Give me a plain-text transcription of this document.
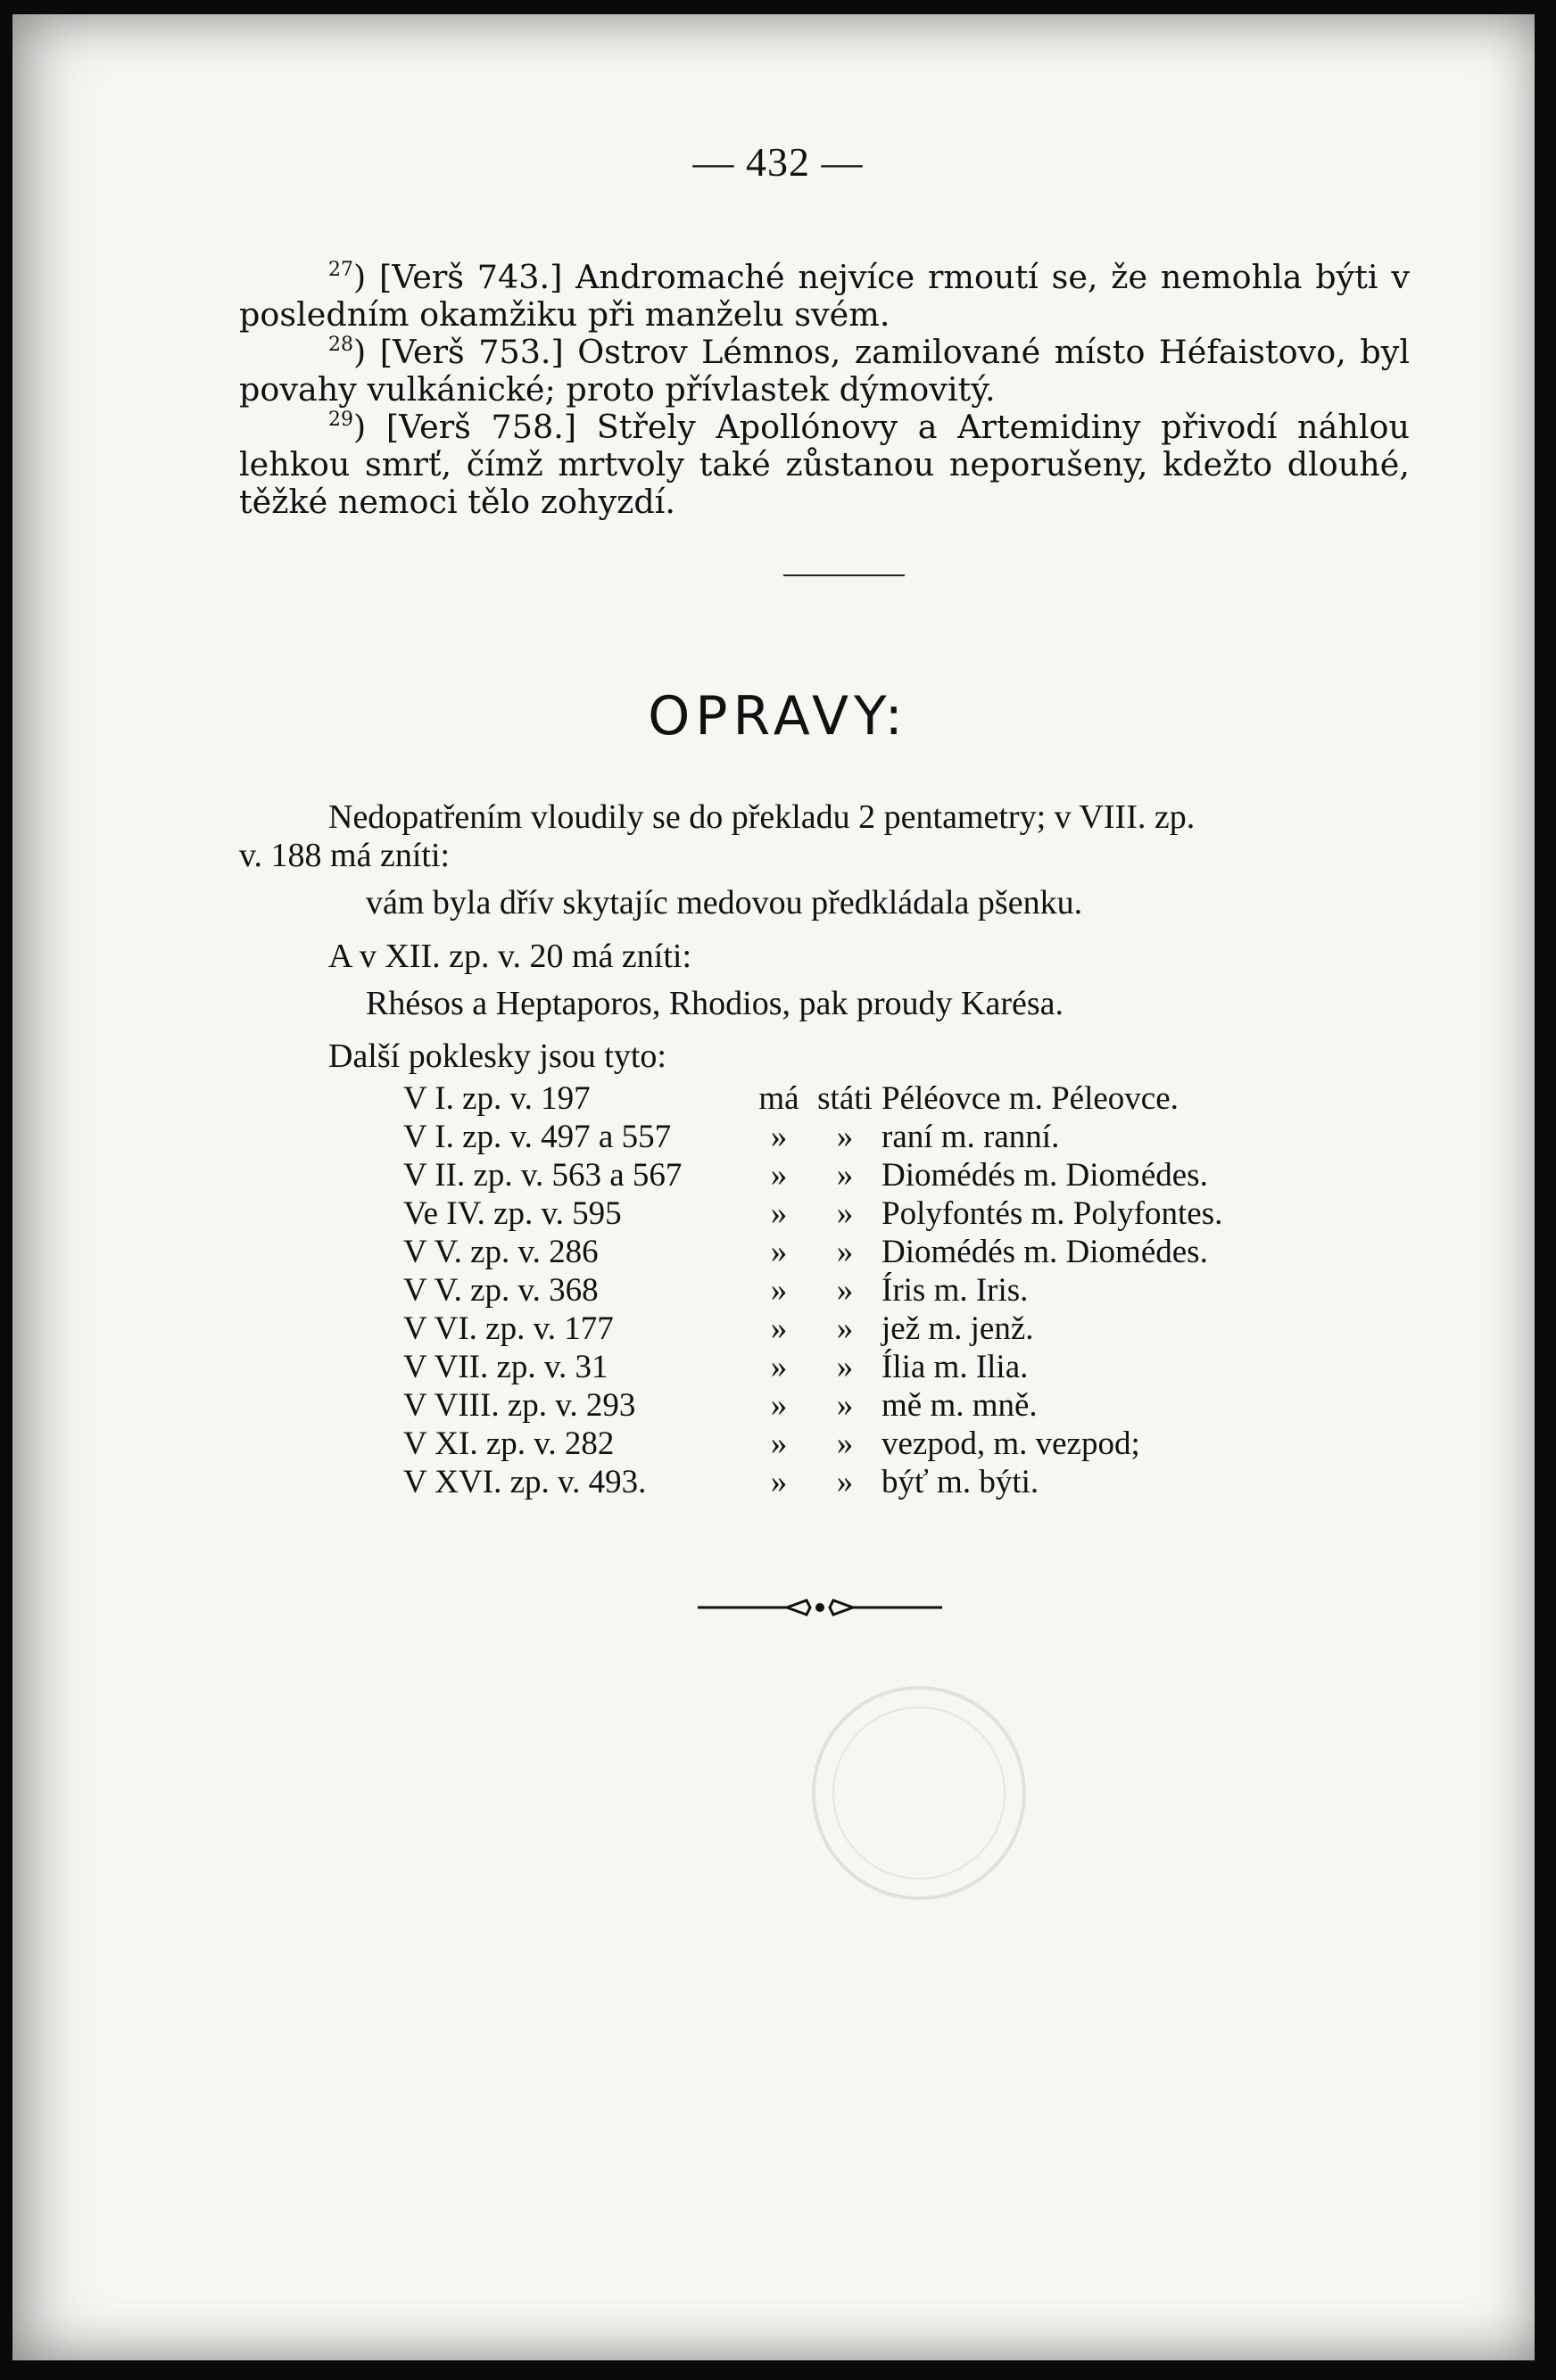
— 432 —

$^{27}$) [Verš 743.] Andromaché nejvíce rmoutí se, že nemohla býti v posledním okamžiku při manželu svém.

$^{28}$) [Verš 753.] Ostrov Lémnos, zamilované místo Héfaistovo, byl povahy vulkánické; proto přívlastek dýmovitý.

$^{29}$) [Verš 758.] Střely Apollónovy a Artemidiny přivodí náhlou lehkou smrť, čímž mrtvoly také zůstanou neporušeny, kdežto dlouhé, těžké nemoci tělo zohyzdí.

OPRAVY:
Nedopatřením vloudily se do překladu 2 pentametry; v VIII. zp.
v. 188 má zníti:
vám byla dřív skytajíc medovou předkládala pšenku.
A v XII. zp. v. 20 má zníti:
Rhésos a Heptaporos, Rhodios, pak proudy Karésa.
Další poklesky jsou tyto:
V I. zp. v. 197	má	státi	Péléovce m. Péleovce.
V I. zp. v. 497 a 557	»	»	raní m. ranní.
V II. zp. v. 563 a 567	»	»	Diomédés m. Diomédes.
Ve IV. zp. v. 595	»	»	Polyfontés m. Polyfontes.
V V. zp. v. 286	»	»	Diomédés m. Diomédes.
V V. zp. v. 368	»	»	Íris m. Iris.
V VI. zp. v. 177	»	»	jež m. jenž.
V VII. zp. v. 31	»	»	Ília m. Ilia.
V VIII. zp. v. 293	»	»	mě m. mně.
V XI. zp. v. 282	»	»	vezpod, m. vezpod;
V XVI. zp. v. 493.	»	»	býť m. býti.
